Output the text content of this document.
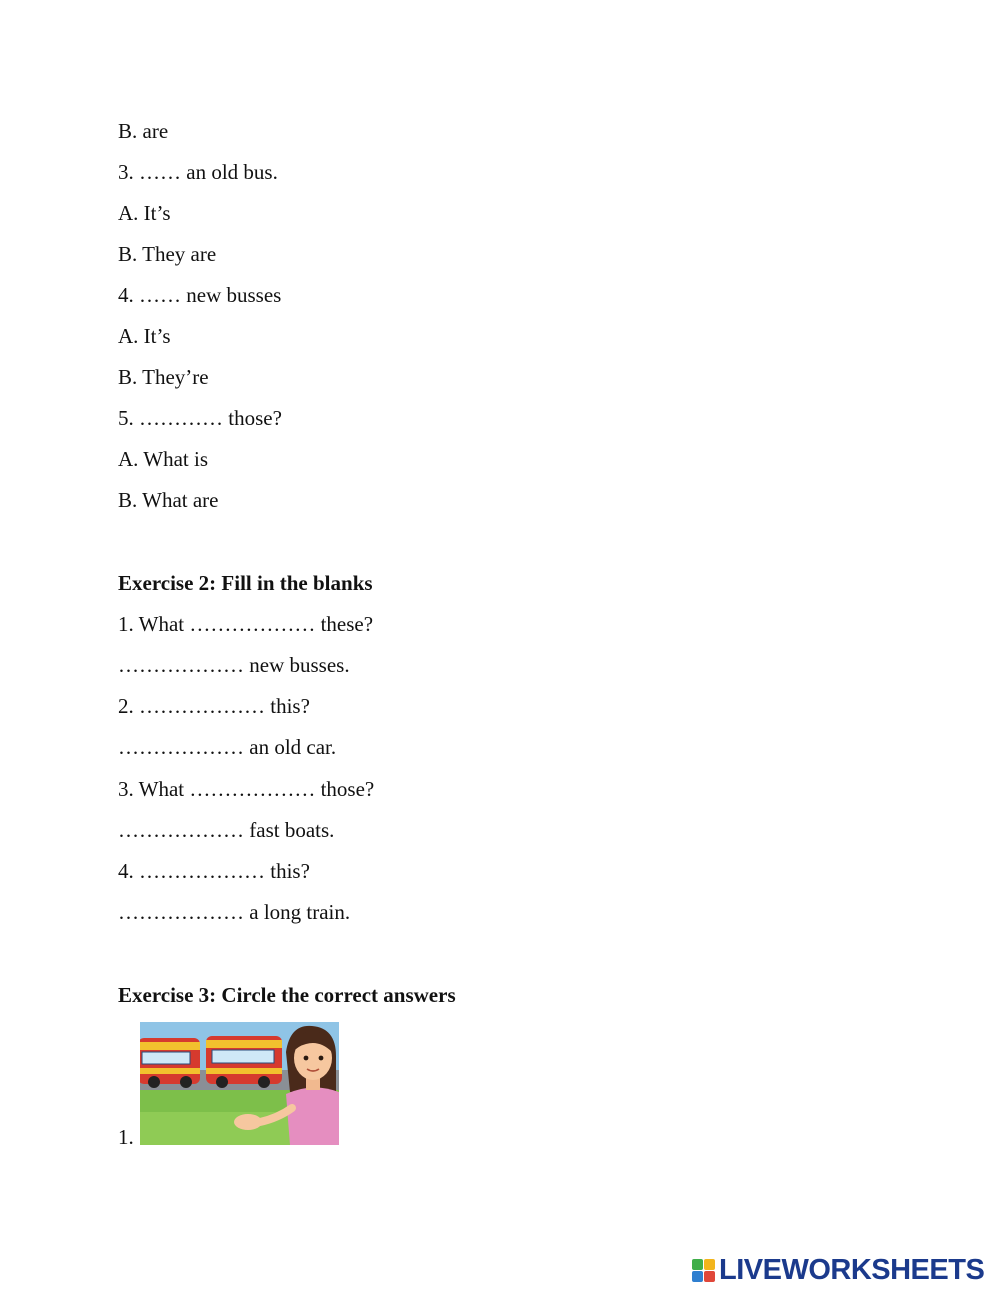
B. are
3. …… an old bus.
A. It’s
B. They are
4. …… new busses
A. It’s
B. They’re
5. ………… those?
A. What is
B. What are
Exercise 2: Fill in the blanks
1. What ……………… these?
……………… new busses.
2. ……………… this?
……………… an old car.
3. What ……………… those?
……………… fast boats.
4. ……………… this?
……………… a long train.
Exercise 3: Circle the correct answers
1.
LIVEWORKSHEETS
